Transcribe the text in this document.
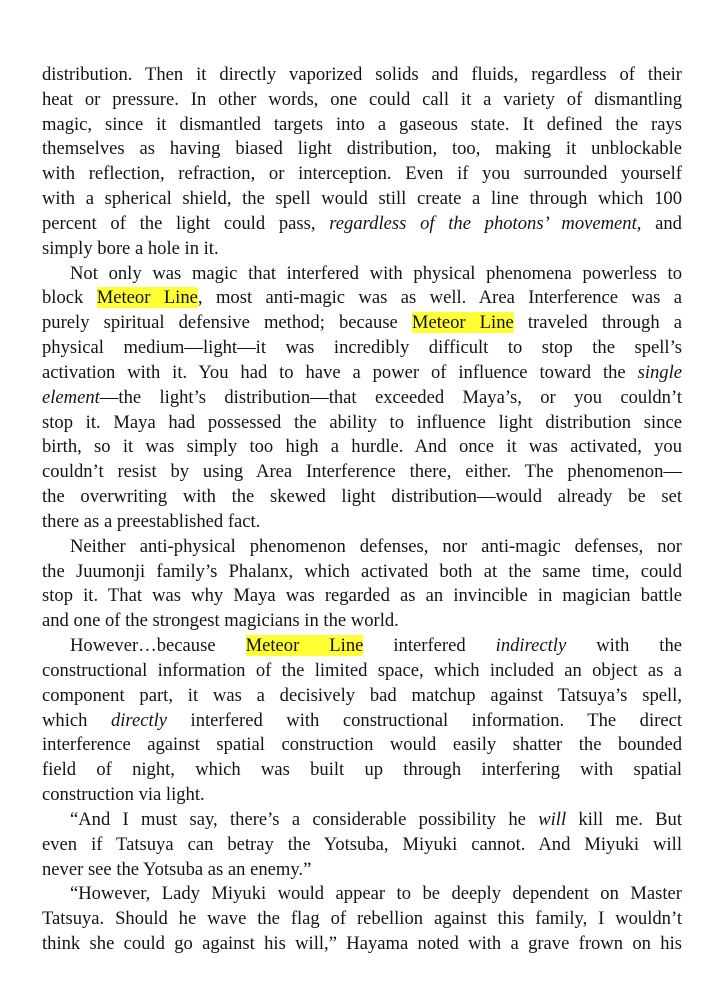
distribution. Then it directly vaporized solids and fluids, regardless of their
heat or pressure. In other words, one could call it a variety of dismantling
magic, since it dismantled targets into a gaseous state. It defined the rays
themselves as having biased light distribution, too, making it unblockable
with reflection, refraction, or interception. Even if you surrounded yourself
with a spherical shield, the spell would still create a line through which 100
percent of the light could pass, regardless of the photons’ movement, and
simply bore a hole in it.
Not only was magic that interfered with physical phenomena powerless to
block Meteor Line, most anti-magic was as well. Area Interference was a
purely spiritual defensive method; because Meteor Line traveled through a
physical medium—light—it was incredibly difficult to stop the spell’s
activation with it. You had to have a power of influence toward the single
element—the light’s distribution—that exceeded Maya’s, or you couldn’t
stop it. Maya had possessed the ability to influence light distribution since
birth, so it was simply too high a hurdle. And once it was activated, you
couldn’t resist by using Area Interference there, either. The phenomenon—
the overwriting with the skewed light distribution—would already be set
there as a preestablished fact.
Neither anti-physical phenomenon defenses, nor anti-magic defenses, nor
the Juumonji family’s Phalanx, which activated both at the same time, could
stop it. That was why Maya was regarded as an invincible in magician battle
and one of the strongest magicians in the world.
However…because Meteor Line interfered indirectly with the
constructional information of the limited space, which included an object as a
component part, it was a decisively bad matchup against Tatsuya’s spell,
which directly interfered with constructional information. The direct
interference against spatial construction would easily shatter the bounded
field of night, which was built up through interfering with spatial
construction via light.
“And I must say, there’s a considerable possibility he will kill me. But
even if Tatsuya can betray the Yotsuba, Miyuki cannot. And Miyuki will
never see the Yotsuba as an enemy.”
“However, Lady Miyuki would appear to be deeply dependent on Master
Tatsuya. Should he wave the flag of rebellion against this family, I wouldn’t
think she could go against his will,” Hayama noted with a grave frown on his
